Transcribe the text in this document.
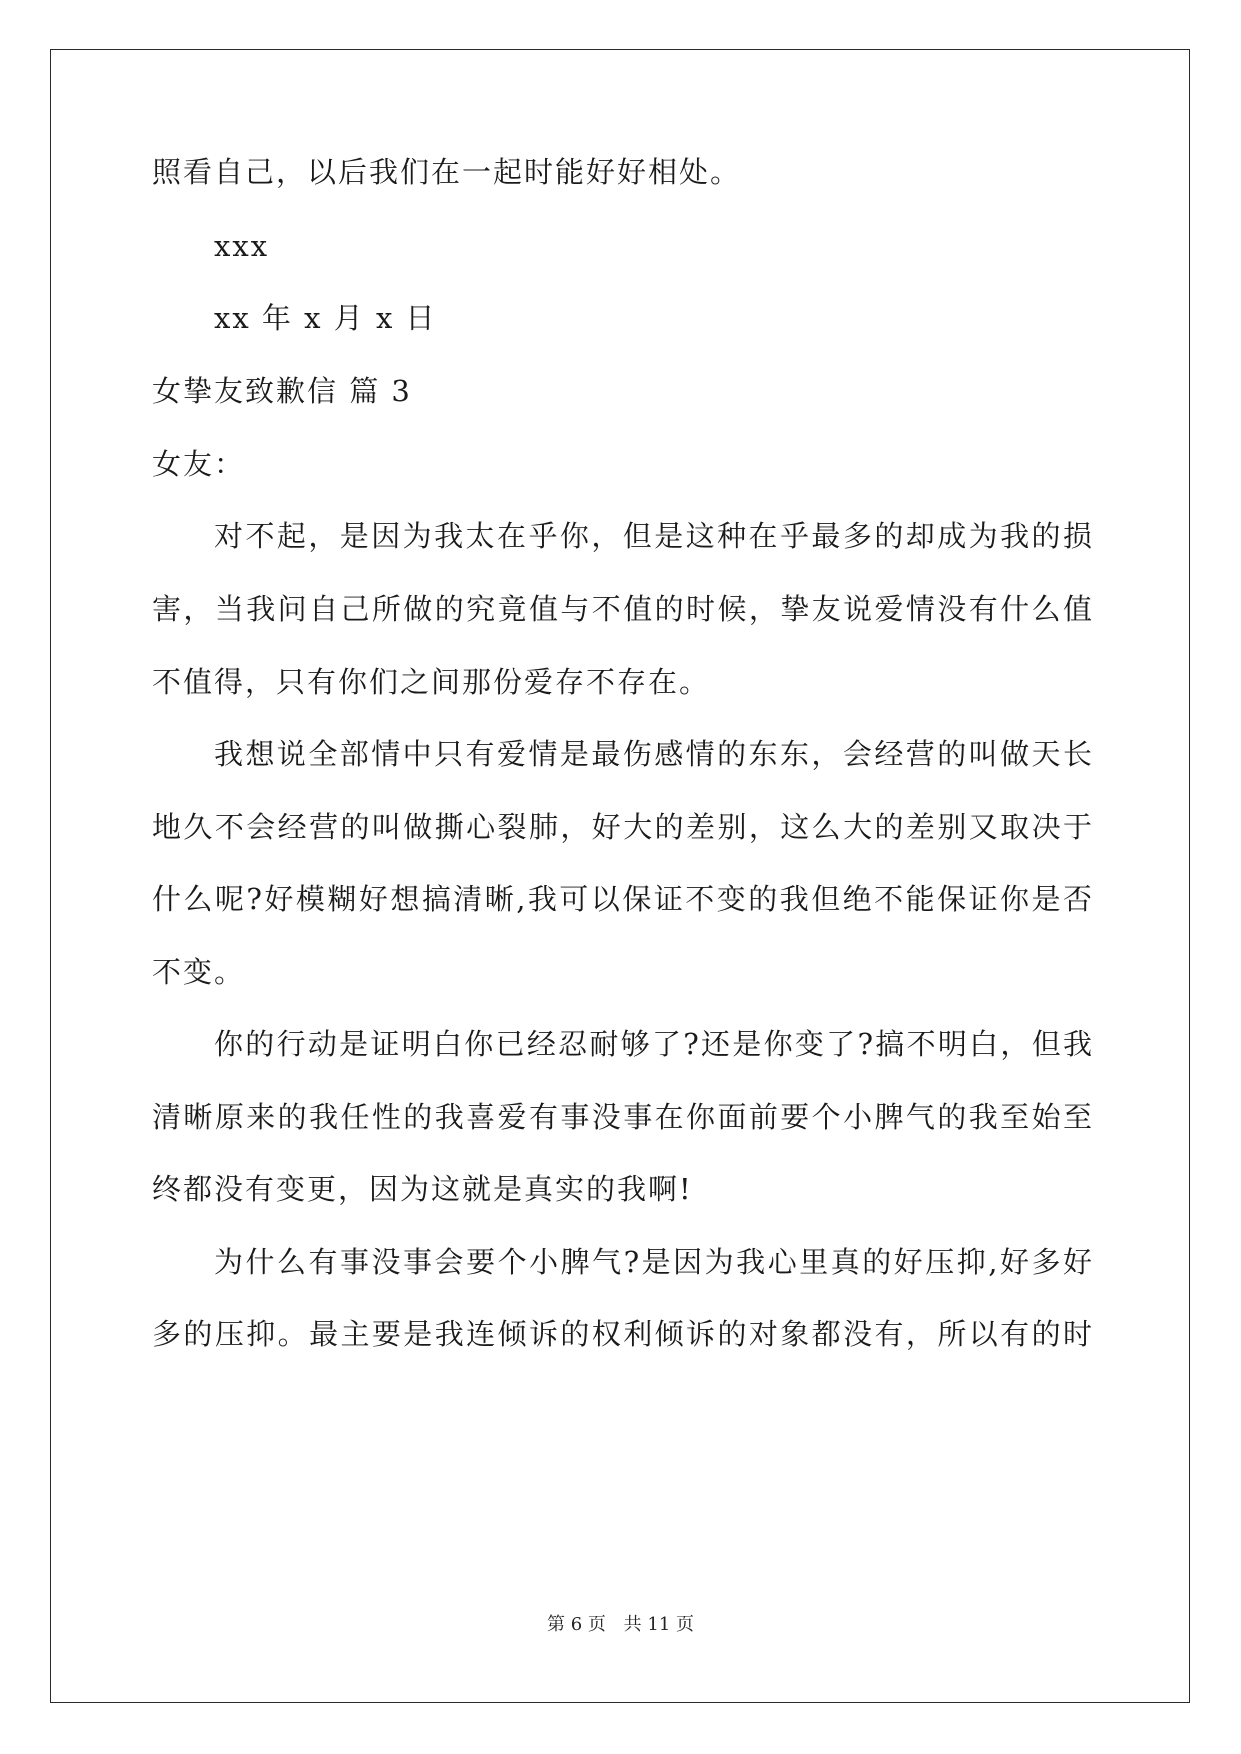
照看自己，以后我们在一起时能好好相处。
xxx
xx 年 x 月 x 日
女挚友致歉信 篇 3
女友：
对不起，是因为我太在乎你，但是这种在乎最多的却成为我的损
害，当我问自己所做的究竟值与不值的时候，挚友说爱情没有什么值
不值得，只有你们之间那份爱存不存在。
我想说全部情中只有爱情是最伤感情的东东，会经营的叫做天长
地久不会经营的叫做撕心裂肺，好大的差别，这么大的差别又取决于
什么呢?好模糊好想搞清晰,我可以保证不变的我但绝不能保证你是否
不变。
你的行动是证明白你已经忍耐够了?还是你变了?搞不明白，但我
清晰原来的我任性的我喜爱有事没事在你面前要个小脾气的我至始至
终都没有变更，因为这就是真实的我啊!
为什么有事没事会要个小脾气?是因为我心里真的好压抑,好多好
多的压抑。最主要是我连倾诉的权利倾诉的对象都没有，所以有的时
第 6 页 共 11 页
